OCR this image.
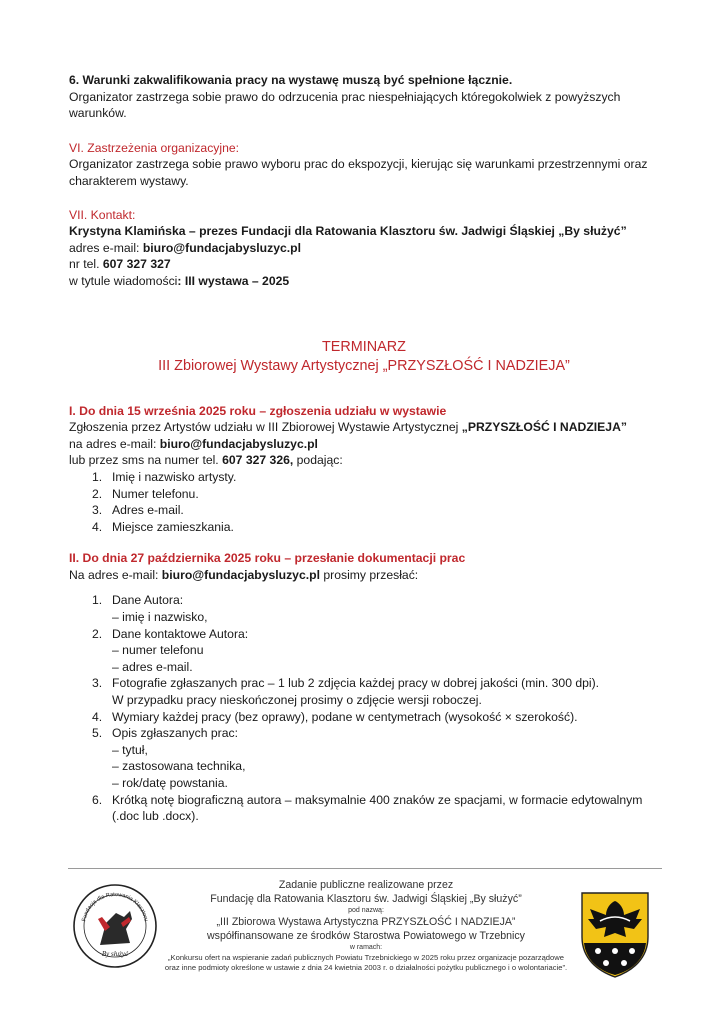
6. Warunki zakwalifikowania pracy na wystawę muszą być spełnione łącznie.

Organizator zastrzega sobie prawo do odrzucenia prac niespełniających któregokolwiek z powyższych
warunków.

VI. Zastrzeżenia organizacyjne:

Organizator zastrzega sobie prawo wyboru prac do ekspozycji, kierując się warunkami przestrzennymi oraz
charakterem wystawy.

VII. Kontakt:

Krystyna Klamińska – prezes Fundacji dla Ratowania Klasztoru św. Jadwigi Śląskiej „By służyć”

adres e-mail: biuro@fundacjabysluzyc.pl

nr tel. 607 327 327

w tytule wiadomości: III wystawa – 2025

TERMINARZ

III Zbiorowej Wystawy Artystycznej „PRZYSZŁOŚĆ I NADZIEJA”

I. Do dnia 15 września 2025 roku – zgłoszenia udziału w wystawie

Zgłoszenia przez Artystów udziału w III Zbiorowej Wystawie Artystycznej „PRZYSZŁOŚĆ I NADZIEJA”

na adres e-mail: biuro@fundacjabysluzyc.pl

lub przez sms na numer tel. 607 327 326, podając:

1. Imię i nazwisko artysty.
2. Numer telefonu.
3. Adres e-mail.
4. Miejsce zamieszkania.

II. Do dnia 27 października 2025 roku – przesłanie dokumentacji prac

Na adres e-mail: biuro@fundacjabysluzyc.pl prosimy przesłać:

1. Dane Autora:
– imię i nazwisko,
2. Dane kontaktowe Autora:
– numer telefonu
– adres e-mail.
3. Fotografie zgłaszanych prac – 1 lub 2 zdjęcia każdej pracy w dobrej jakości (min. 300 dpi).
W przypadku pracy nieskończonej prosimy o zdjęcie wersji roboczej.
4. Wymiary każdej pracy (bez oprawy), podane w centymetrach (wysokość × szerokość).
5. Opis zgłaszanych prac:
– tytuł,
– zastosowana technika,
– rok/datę powstania.
6. Krótką notę biograficzną autora – maksymalnie 400 znaków ze spacjami, w formacie edytowalnym
(.doc lub .docx).
Fundacja dla Ratowania Klasztoru
By służyć
Zadanie publiczne realizowane przez
Fundację dla Ratowania Klasztoru św. Jadwigi Śląskiej „By służyć”
pod nazwą:
„III Zbiorowa Wystawa Artystyczna PRZYSZŁOŚĆ I NADZIEJA”
współfinansowane ze środków Starostwa Powiatowego w Trzebnicy
w ramach:
„Konkursu ofert na wspieranie zadań publicznych Powiatu Trzebnickiego w 2025 roku przez organizacje pozarządowe
oraz inne podmioty określone w ustawie z dnia 24 kwietnia 2003 r. o działalności pożytku publicznego i o wolontariacie”.
